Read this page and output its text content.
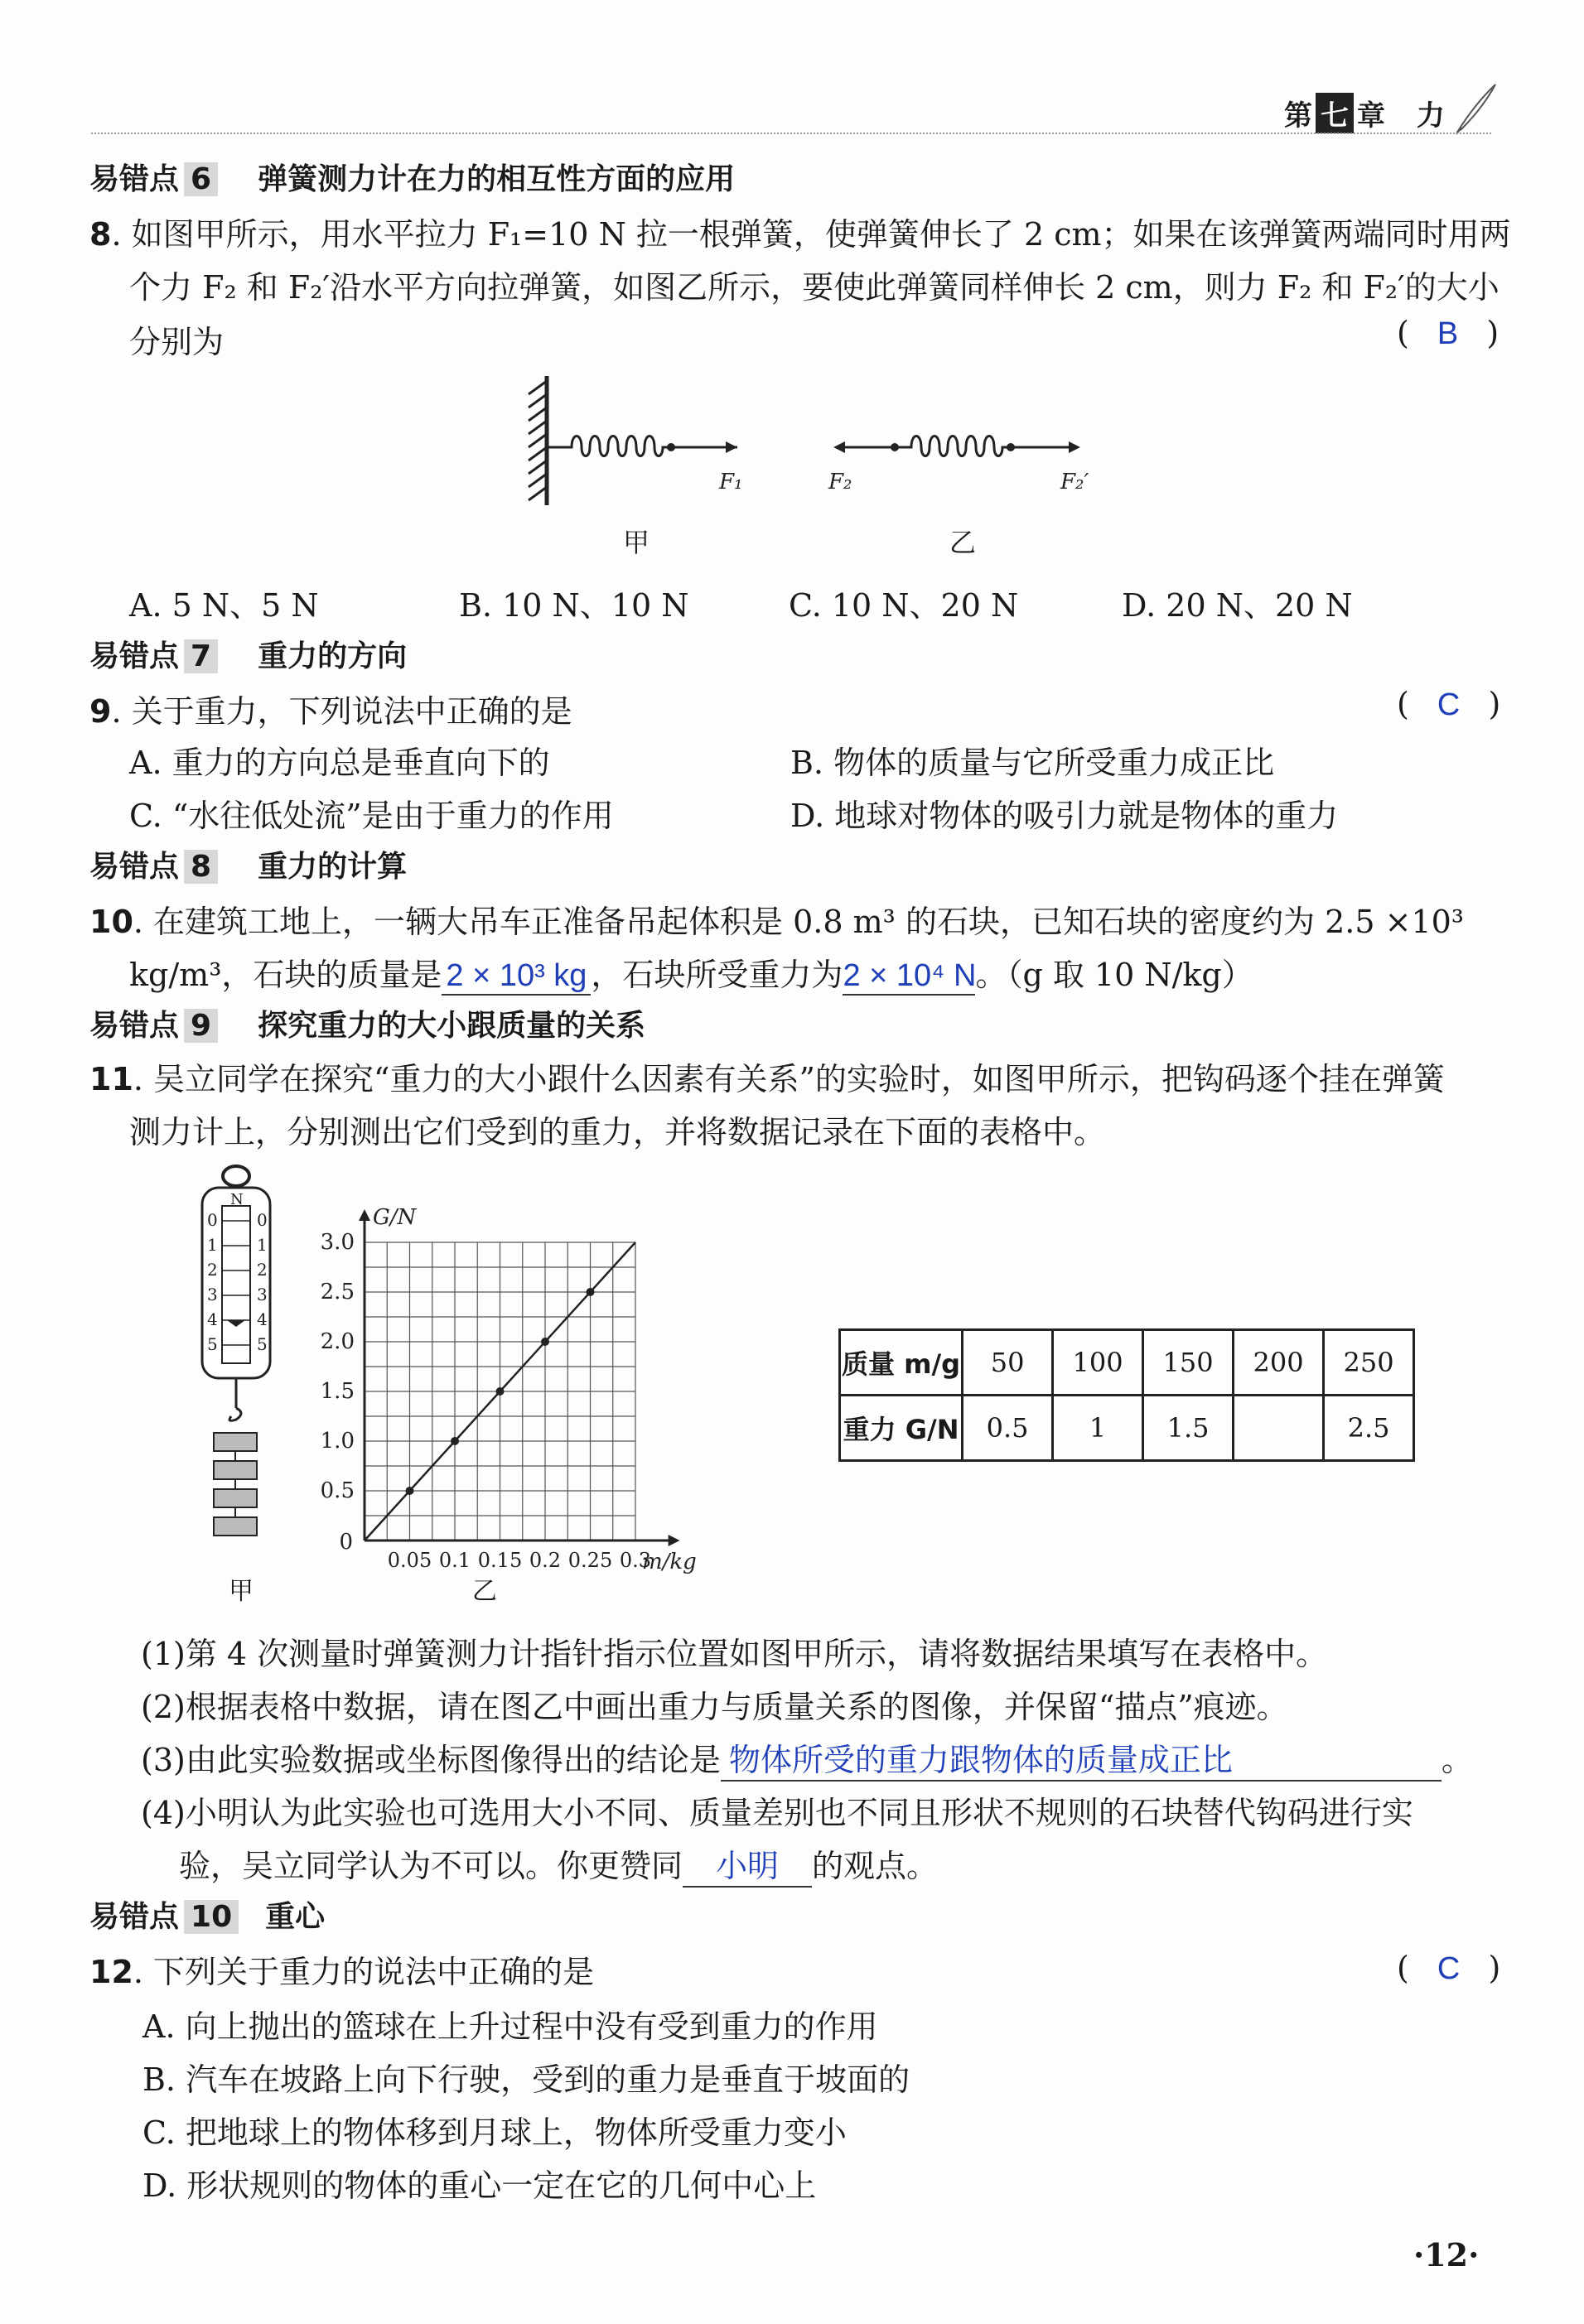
第 七 章 力
易错点 6 弹簧测力计在力的相互性方面的应用
8. 如图甲所示，用水平拉力 F₁=10 N 拉一根弹簧，使弹簧伸长了 2 cm；如果在该弹簧两端同时用两
个力 F₂ 和 F₂′沿水平方向拉弹簧，如图乙所示，要使此弹簧同样伸长 2 cm，则力 F₂ 和 F₂′的大小
分别为	( B )
F₁	F₂	F₂′
甲	乙
A. 5 N、5 N	B. 10 N、10 N	C. 10 N、20 N	D. 20 N、20 N
易错点 7 重力的方向
9. 关于重力，下列说法中正确的是	( C )
A. 重力的方向总是垂直向下的	B. 物体的质量与它所受重力成正比
C. “水往低处流”是由于重力的作用	D. 地球对物体的吸引力就是物体的重力
易错点 8 重力的计算
10. 在建筑工地上，一辆大吊车正准备吊起体积是 0.8 m³ 的石块，已知石块的密度约为 2.5 ×10³
kg/m³，石块的质量是 2 × 10³ kg ，石块所受重力为2 × 10⁴ N。（g 取 10 N/kg）
易错点 9 探究重力的大小跟质量的关系
11. 吴立同学在探究“重力的大小跟什么因素有关系”的实验时，如图甲所示，把钩码逐个挂在弹簧
测力计上，分别测出它们受到的重力，并将数据记录在下面的表格中。
N
0 0
1 1
2 2
3 3
4 4
5 5
甲
0.5
1.0
1.5
2.0
2.5
3.0
0.05 0.1 0.15 0.2 0.25 0.3
0
G/N
m/kg
乙
质量 m/g	50	100	150	200	250
重力 G/N	0.5	1	1.5		2.5
(1)第 4 次测量时弹簧测力计指针指示位置如图甲所示，请将数据结果填写在表格中。
(2)根据表格中数据，请在图乙中画出重力与质量关系的图像，并保留“描点”痕迹。
(3)由此实验数据或坐标图像得出的结论是 物体所受的重力跟物体的质量成正比	。
(4)小明认为此实验也可选用大小不同、质量差别也不同且形状不规则的石块替代钩码进行实
验，吴立同学认为不可以。你更赞同 小明 的观点。
易错点 10 重心
12. 下列关于重力的说法中正确的是	( C )
A. 向上抛出的篮球在上升过程中没有受到重力的作用
B. 汽车在坡路上向下行驶，受到的重力是垂直于坡面的
C. 把地球上的物体移到月球上，物体所受重力变小
D. 形状规则的物体的重心一定在它的几何中心上
·12·
